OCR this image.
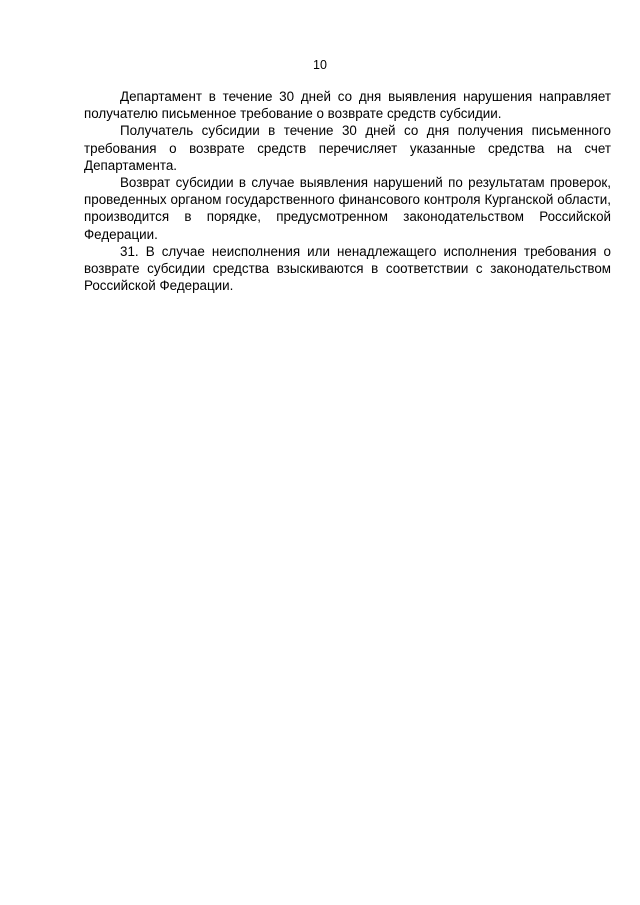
10

Департамент в течение 30 дней со дня выявления нарушения направляет получателю письменное требование о возврате средств субсидии.

Получатель субсидии в течение 30 дней со дня получения письменного требования о возврате средств перечисляет указанные средства на счет Департамента.

Возврат субсидии в случае выявления нарушений по результатам проверок, проведенных органом государственного финансового контроля Курганской области, производится в порядке, предусмотренном законодательством Российской Федерации.

31. В случае неисполнения или ненадлежащего исполнения требования о возврате субсидии средства взыскиваются в соответствии с законодательством Российской Федерации.
